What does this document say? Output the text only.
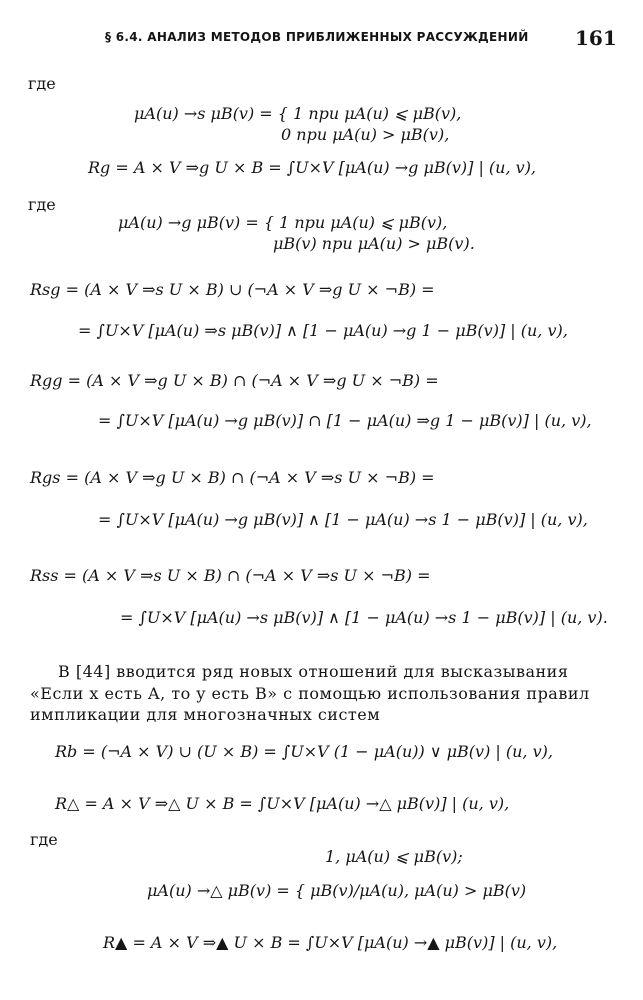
§ 6.4. АНАЛИЗ МЕТОДОВ ПРИБЛИЖЕННЫХ РАССУЖДЕНИЙ 161
где
μA(u) →s μB(v) = { 1 при μA(u) ⩽ μB(v),
0 при μA(u) > μB(v),
Rg = A × V ⇒g U × B = ∫U×V [μA(u) →g μB(v)] | (u, v),
где
μA(u) →g μB(v) = { 1 при μA(u) ⩽ μB(v),
μB(v) при μA(u) > μB(v).
Rsg = (A × V ⇒s U × B) ∪ (¬A × V ⇒g U × ¬B) =
= ∫U×V [μA(u) ⇒s μB(v)] ∧ [1 − μA(u) →g 1 − μB(v)] | (u, v),
Rgg = (A × V ⇒g U × B) ∩ (¬A × V ⇒g U × ¬B) =
= ∫U×V [μA(u) →g μB(v)] ∩ [1 − μA(u) ⇒g 1 − μB(v)] | (u, v),
Rgs = (A × V ⇒g U × B) ∩ (¬A × V ⇒s U × ¬B) =
= ∫U×V [μA(u) →g μB(v)] ∧ [1 − μA(u) →s 1 − μB(v)] | (u, v),
Rss = (A × V ⇒s U × B) ∩ (¬A × V ⇒s U × ¬B) =
= ∫U×V [μA(u) →s μB(v)] ∧ [1 − μA(u) →s 1 − μB(v)] | (u, v).
В [44] вводится ряд новых отношений для высказывания
«Если x есть A, то y есть B» с помощью использования правил
импликации для многозначных систем
Rb = (¬A × V) ∪ (U × B) = ∫U×V (1 − μA(u)) ∨ μB(v) | (u, v),
R△ = A × V ⇒△ U × B = ∫U×V [μA(u) →△ μB(v)] | (u, v),
где
1, μA(u) ⩽ μB(v);
μA(u) →△ μB(v) = { μB(v)/μA(u), μA(u) > μB(v)
R▲ = A × V ⇒▲ U × B = ∫U×V [μA(u) →▲ μB(v)] | (u, v),
